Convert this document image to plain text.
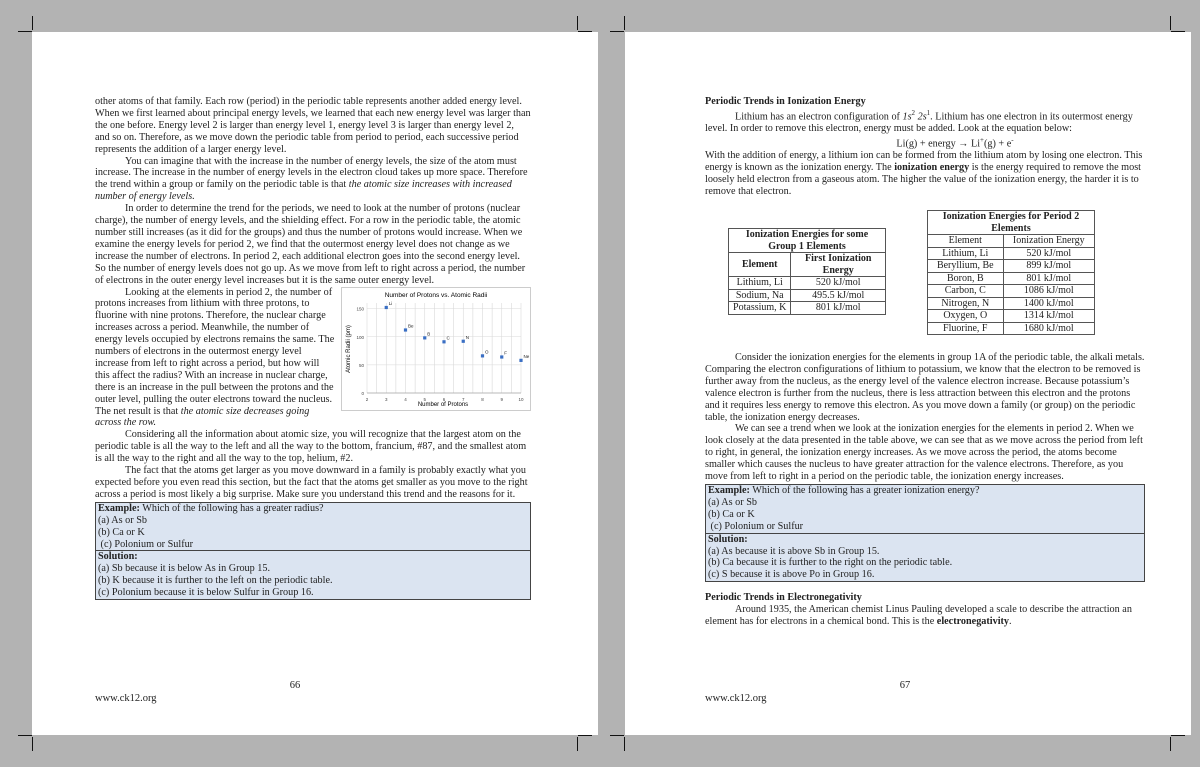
other atoms of that family. Each row (period) in the periodic table represents another added energy level. When we first learned about principal energy levels, we learned that each new energy level was larger than the one before. Energy level 2 is larger than energy level 1, energy level 3 is larger than energy level 2, and so on. Therefore, as we move down the periodic table from period to period, each successive period represents the addition of a larger energy level.

You can imagine that with the increase in the number of energy levels, the size of the atom must increase. The increase in the number of energy levels in the electron cloud takes up more space. Therefore the trend within a group or family on the periodic table is that the atomic size increases with increased number of energy levels.

In order to determine the trend for the periods, we need to look at the number of protons (nuclear charge), the number of energy levels, and the shielding effect. For a row in the periodic table, the atomic number still increases (as it did for the groups) and thus the number of protons would increase. When we examine the energy levels for period 2, we find that the outermost energy level does not change as we increase the number of electrons. In period 2, each additional electron goes into the second energy level. So the number of energy levels does not go up. As we move from left to right across a period, the number of electrons in the outer energy level increases but it is the same outer energy level.

Number of Protons vs. Atomic Radii
Atomic Radii (pm)
Number of Protons
0
50
100
150
2	3	4	5	6	7	8	9	10
Li
Be
B
C	N
O	F
Ne

Looking at the elements in period 2, the number of protons increases from lithium with three protons, to fluorine with nine protons. Therefore, the nuclear charge increases across a period. Meanwhile, the number of energy levels occupied by electrons remains the same. The numbers of electrons in the outermost energy level increase from left to right across a period, but how will this affect the radius? With an increase in nuclear charge, there is an increase in the pull between the protons and the outer level, pulling the outer electrons toward the nucleus. The net result is that the atomic size decreases going across the row.

Considering all the information about atomic size, you will recognize that the largest atom on the periodic table is all the way to the left and all the way to the bottom, francium, #87, and the smallest atom is all the way to the right and all the way to the top, helium, #2.

The fact that the atoms get larger as you move downward in a family is probably exactly what you expected before you even read this section, but the fact that the atoms get smaller as you move to the right across a period is most likely a big surprise. Make sure you understand this trend and the reasons for it.

Example: Which of the following has a greater radius?
(a) As or Sb
(b) Ca or K
(c) Polonium or Sulfur
Solution:
(a) Sb because it is below As in Group 15.
(b) K because it is further to the left on the periodic table.
(c) Polonium because it is below Sulfur in Group 16.
66
www.ck12.org

Periodic Trends in Ionization Energy

Lithium has an electron configuration of $1s^2$ $2s^1$. Lithium has one electron in its outermost energy level. In order to remove this electron, energy must be added. Look at the equation below:

Li(g) + energy → Li+(g) + e-

With the addition of energy, a lithium ion can be formed from the lithium atom by losing one electron. This energy is known as the ionization energy. The ionization energy is the energy required to remove the most loosely held electron from a gaseous atom. The higher the value of the ionization energy, the harder it is to remove that electron.

Ionization Energies for some Group 1 Elements	
Element	First Ionization Energy
Lithium, Li	520 kJ/mol
Sodium, Na	495.5 kJ/mol
Potassium, K	801 kJ/mol
Ionization Energies for Period 2 Elements	
Element	Ionization Energy
Lithium, Li	520 kJ/mol
Beryllium, Be	899 kJ/mol
Boron, B	801 kJ/mol
Carbon, C	1086 kJ/mol
Nitrogen, N	1400 kJ/mol
Oxygen, O	1314 kJ/mol
Fluorine, F	1680 kJ/mol

Consider the ionization energies for the elements in group 1A of the periodic table, the alkali metals. Comparing the electron configurations of lithium to potassium, we know that the electron to be removed is further away from the nucleus, as the energy level of the valence electron increase. Because potassium’s valence electron is further from the nucleus, there is less attraction between this electron and the protons and it requires less energy to remove this electron. As you move down a family (or group) on the periodic table, the ionization energy decreases.

We can see a trend when we look at the ionization energies for the elements in period 2. When we look closely at the data presented in the table above, we can see that as we move across the period from left to right, in general, the ionization energy increases. As we move across the period, the atoms become smaller which causes the nucleus to have greater attraction for the valence electrons. Therefore, as you move from left to right in a period on the periodic table, the ionization energy increases.

Example: Which of the following has a greater ionization energy?
(a) As or Sb
(b) Ca or K
(c) Polonium or Sulfur
Solution:
(a) As because it is above Sb in Group 15.
(b) Ca because it is further to the right on the periodic table.
(c) S because it is above Po in Group 16.

Periodic Trends in Electronegativity

Around 1935, the American chemist Linus Pauling developed a scale to describe the attraction an element has for electrons in a chemical bond. This is the electronegativity.

67
www.ck12.org
